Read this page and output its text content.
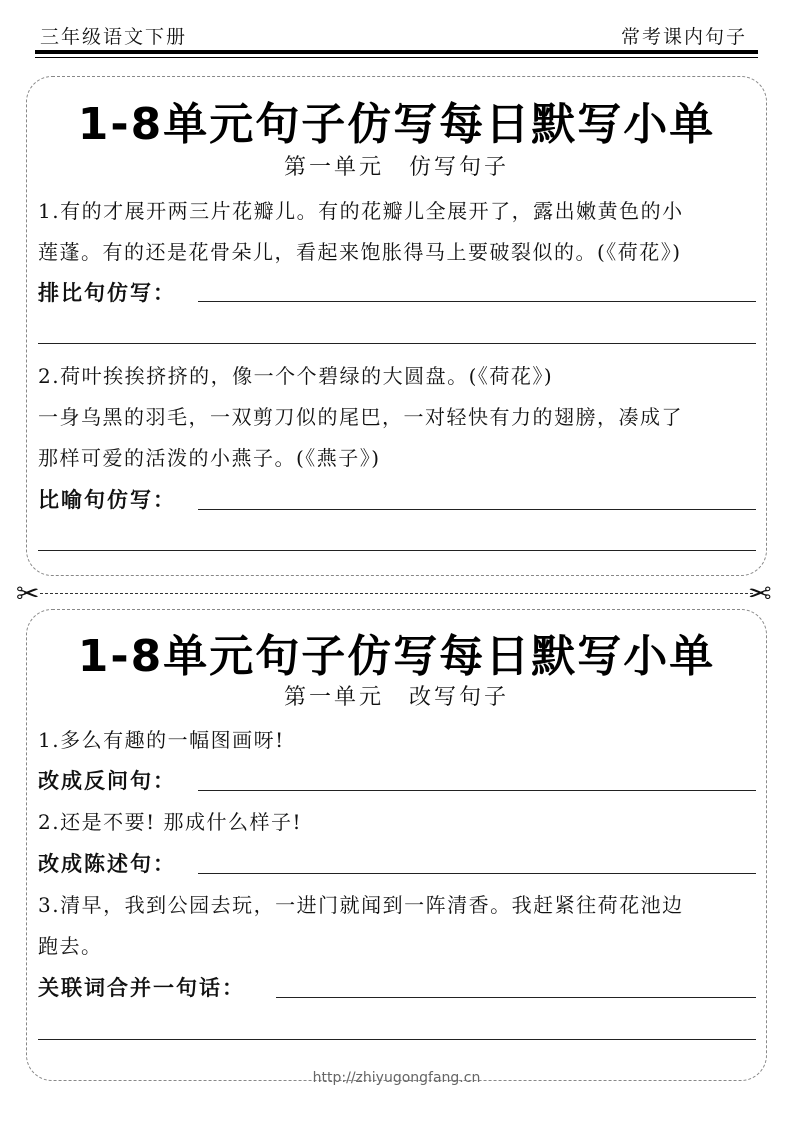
三年级语文下册	常考课内句子
1-8单元句子仿写每日默写小单
第一单元　仿写句子
1.有的才展开两三片花瓣儿。有的花瓣儿全展开了，露出嫩黄色的小
莲蓬。有的还是花骨朵儿，看起来饱胀得马上要破裂似的。(《荷花》)
排比句仿写：
2.荷叶挨挨挤挤的，像一个个碧绿的大圆盘。(《荷花》)
一身乌黑的羽毛，一双剪刀似的尾巴，一对轻快有力的翅膀，凑成了
那样可爱的活泼的小燕子。(《燕子》)
比喻句仿写：
✂	✂
1-8单元句子仿写每日默写小单
第一单元　改写句子
1.多么有趣的一幅图画呀!
改成反问句：
2.还是不要! 那成什么样子!
改成陈述句：
3.清早，我到公园去玩，一进门就闻到一阵清香。我赶紧往荷花池边
跑去。
关联词合并一句话：
http://zhiyugongfang.cn
